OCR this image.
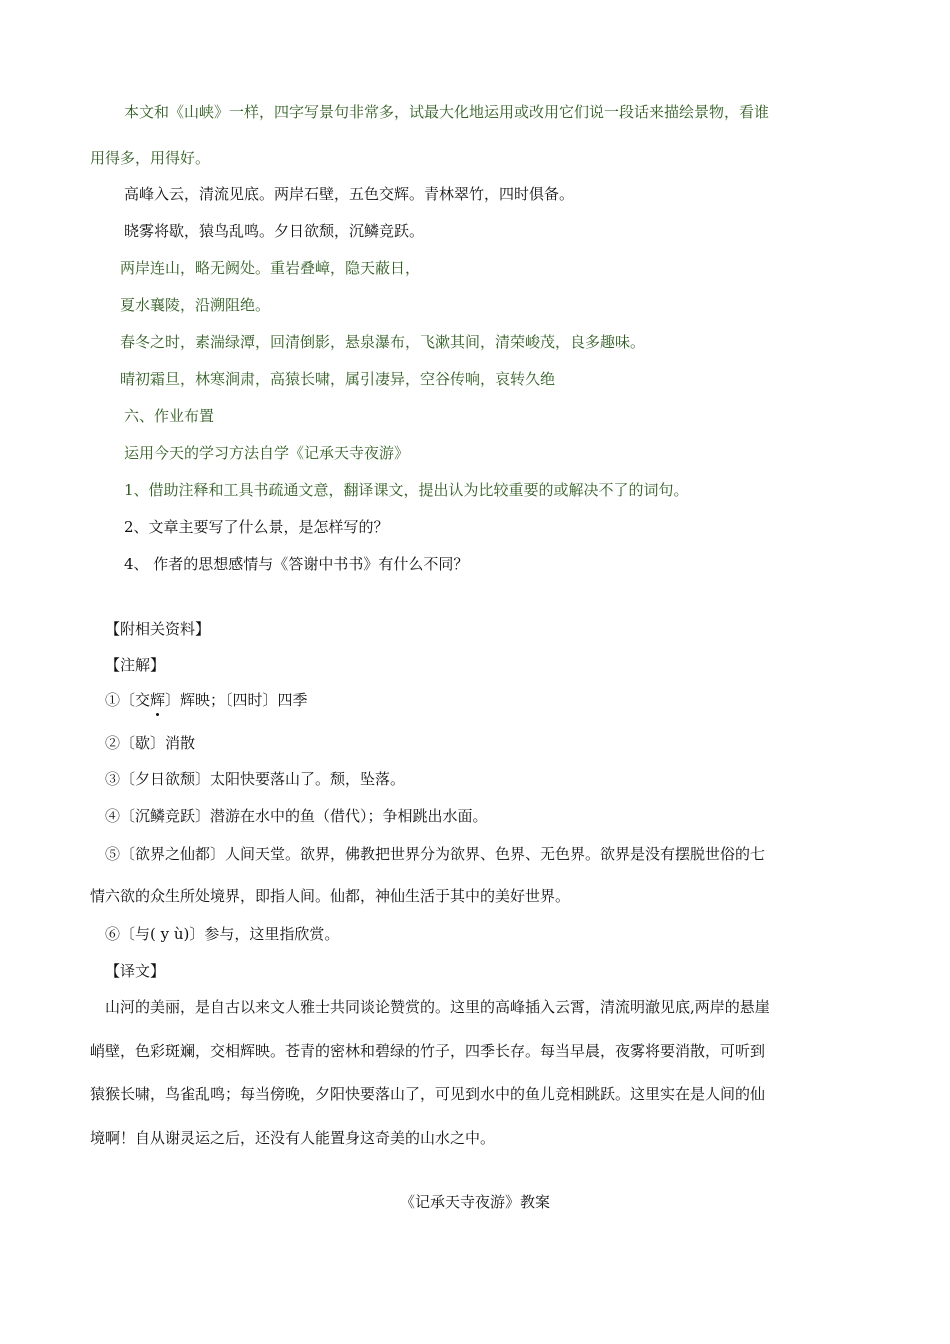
本文和《山峡》一样，四字写景句非常多，试最大化地运用或改用它们说一段话来描绘景物，看谁
用得多，用得好。
高峰入云，清流见底。两岸石壁，五色交辉。青林翠竹，四时俱备。
晓雾将歇，猿鸟乱鸣。夕日欲颓，沉鳞竞跃。
两岸连山，略无阙处。重岩叠嶂，隐天蔽日，
夏水襄陵，沿溯阻绝。
春冬之时，素湍绿潭，回清倒影，悬泉瀑布，飞漱其间，清荣峻茂，良多趣味。
晴初霜旦，林寒涧肃，高猿长啸，属引凄异，空谷传响，哀转久绝
六、作业布置
运用今天的学习方法自学《记承天寺夜游》
1、借助注释和工具书疏通文意，翻译课文，提出认为比较重要的或解决不了的词句。
2、文章主要写了什么景，是怎样写的？
4、 作者的思想感情与《答谢中书书》有什么不同？
【附相关资料】
【注解】
①〔交辉
〕辉映；〔四时〕四季
②〔歇〕消散
③〔夕日欲颓〕太阳快要落山了。颓，坠落。
④〔沉鳞竞跃〕潜游在水中的鱼（借代）；争相跳出水面。
⑤〔欲界之仙都〕人间天堂。欲界，佛教把世界分为欲界、色界、无色界。欲界是没有摆脱世俗的七
情六欲的众生所处境界，即指人间。仙都，神仙生活于其中的美好世界。
⑥〔与( y ù)〕参与，这里指欣赏。
【译文】
山河的美丽，是自古以来文人雅士共同谈论赞赏的。这里的高峰插入云霄，清流明澈见底,两岸的悬崖
峭壁，色彩斑斓，交相辉映。苍青的密林和碧绿的竹子，四季长存。每当早晨，夜雾将要消散，可听到
猿猴长啸，鸟雀乱鸣；每当傍晚，夕阳快要落山了，可见到水中的鱼儿竞相跳跃。这里实在是人间的仙
境啊！自从谢灵运之后，还没有人能置身这奇美的山水之中。
《记承天寺夜游》教案
